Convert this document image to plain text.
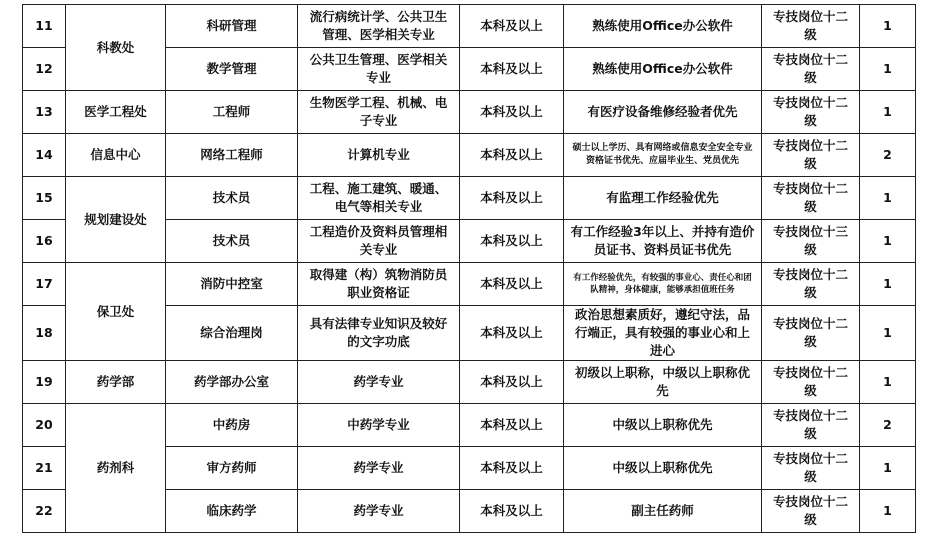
11	科教处	科研管理	流行病统计学、公共卫生管理、医学相关专业	本科及以上	熟练使用Office办公软件	专技岗位十二级	1
12		教学管理	公共卫生管理、医学相关专业	本科及以上	熟练使用Office办公软件	专技岗位十二级	1
13	医学工程处	工程师	生物医学工程、机械、电子专业	本科及以上	有医疗设备维修经验者优先	专技岗位十二级	1
14	信息中心	网络工程师	计算机专业	本科及以上	硕士以上学历、具有网络或信息安全安全专业资格证书优先、应届毕业生、党员优先	专技岗位十二级	2
15	规划建设处	技术员	工程、施工建筑、暖通、电气等相关专业	本科及以上	有监理工作经验优先	专技岗位十二级	1
16		技术员	工程造价及资料员管理相关专业	本科及以上	有工作经验3年以上、并持有造价员证书、资料员证书优先	专技岗位十三级	1
17	保卫处	消防中控室	取得建（构）筑物消防员职业资格证	本科及以上	有工作经验优先，有较强的事业心、责任心和团队精神，身体健康，能够承担值班任务	专技岗位十二级	1
18		综合治理岗	具有法律专业知识及较好的文字功底	本科及以上	政治思想素质好，遵纪守法，品行端正，具有较强的事业心和上进心	专技岗位十二级	1
19	药学部	药学部办公室	药学专业	本科及以上	初级以上职称，中级以上职称优先	专技岗位十二级	1
20	药剂科	中药房	中药学专业	本科及以上	中级以上职称优先	专技岗位十二级	2
21		审方药师	药学专业	本科及以上	中级以上职称优先	专技岗位十二级	1
22		临床药学	药学专业	本科及以上	副主任药师	专技岗位十二级	1
